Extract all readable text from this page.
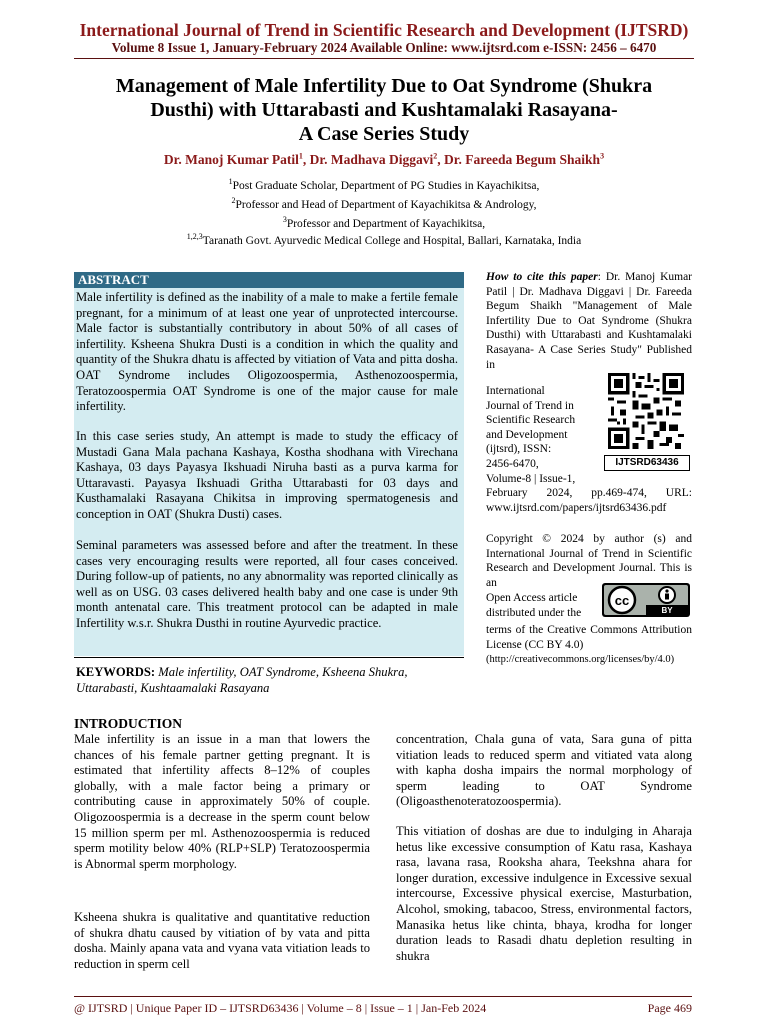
International Journal of Trend in Scientific Research and Development (IJTSRD)
Volume 8 Issue 1, January-February 2024 Available Online: www.ijtsrd.com e-ISSN: 2456 – 6470
Management of Male Infertility Due to Oat Syndrome (Shukra
Dusthi) with Uttarabasti and Kushtamalaki Rasayana-
A Case Series Study
Dr. Manoj Kumar Patil$^1$, Dr. Madhava Diggavi$^2$, Dr. Fareeda Begum Shaikh$^3$
$^1$Post Graduate Scholar, Department of PG Studies in Kayachikitsa,
$^2$Professor and Head of Department of Kayachikitsa & Andrology,
$^3$Professor and Department of Kayachikitsa,
$^{1,2,3}$Taranath Govt. Ayurvedic Medical College and Hospital, Ballari, Karnataka, India
ABSTRACT
Male infertility is defined as the inability of a male to make a fertile female pregnant, for a minimum of at least one year of unprotected intercourse. Male factor is substantially contributory in about 50% of all cases of infertility. Ksheena Shukra Dusti is a condition in which the quality and quantity of the Shukra dhatu is affected by vitiation of Vata and pitta dosha. OAT Syndrome includes Oligozoospermia, Asthenozoospermia, Teratozoospermia OAT Syndrome is one of the major cause for male infertility.
In this case series study, An attempt is made to study the efficacy of Mustadi Gana Mala pachana Kashaya, Kostha shodhana with Virechana Kashaya, 03 days Payasya Ikshuadi Niruha basti as a purva karma for Uttaravasti. Payasya Ikshuadi Gritha Uttarabasti for 03 days and Kusthamalaki Rasayana Chikitsa in improving spermatogenesis and conception in OAT (Shukra Dusti) cases.
Seminal parameters was assessed before and after the treatment. In these cases very encouraging results were reported, all four cases conceived. During follow-up of patients, no any abnormality was reported clinically as well as on USG. 03 cases delivered health baby and one case is under 9th month antenatal care. This treatment protocol can be adapted in male Infertility w.s.r. Shukra Dusthi in routine Ayurvedic practice.
KEYWORDS: Male infertility, OAT Syndrome, Ksheena Shukra, Uttarabasti, Kushtaamalaki Rasayana
How to cite this paper: Dr. Manoj Kumar Patil | Dr. Madhava Diggavi | Dr. Fareeda Begum Shaikh "Management of Male Infertility Due to Oat Syndrome (Shukra Dusthi) with Uttarabasti and Kushtamalaki Rasayana- A Case Series Study" Published in
International
Journal of Trend in
Scientific Research
and Development
(ijtsrd), ISSN:
2456-6470,
Volume-8 | Issue-1,
IJTSRD63436
February 2024, pp.469-474, URL: www.ijtsrd.com/papers/ijtsrd63436.pdf
Copyright © 2024 by author (s) and International Journal of Trend in Scientific Research and Development Journal. This is an
Open Access article
distributed under the
cc
BY
terms of the Creative Commons Attribution License (CC BY 4.0)
(http://creativecommons.org/licenses/by/4.0)
INTRODUCTION
Male infertility is an issue in a man that lowers the chances of his female partner getting pregnant. It is estimated that infertility affects 8–12% of couples globally, with a male factor being a primary or contributing cause in approximately 50% of couple. Oligozoospermia is a decrease in the sperm count below 15 million sperm per ml. Asthenozoospermia is reduced sperm motility below 40% (RLP+SLP) Teratozoospermia is Abnormal sperm morphology.
Ksheena shukra is qualitative and quantitative reduction of shukra dhatu caused by vitiation of by vata and pitta dosha. Mainly apana vata and vyana vata vitiation leads to reduction in sperm cell
concentration, Chala guna of vata, Sara guna of pitta vitiation leads to reduced sperm and vitiated vata along with kapha dosha impairs the normal morphology of sperm leading to OAT Syndrome (Oligoasthenoteratozoospermia).
This vitiation of doshas are due to indulging in Aharaja hetus like excessive consumption of Katu rasa, Kashaya rasa, lavana rasa, Rooksha ahara, Teekshna ahara for longer duration, excessive indulgence in Excessive sexual intercourse, Excessive physical exercise, Masturbation, Alcohol, smoking, tabacoo, Stress, environmental factors, Manasika hetus like chinta, bhaya, krodha for longer duration leads to Rasadi dhatu depletion resulting in shukra
@ IJTSRD | Unique Paper ID – IJTSRD63436 | Volume – 8 | Issue – 1 | Jan-Feb 2024	Page 469
